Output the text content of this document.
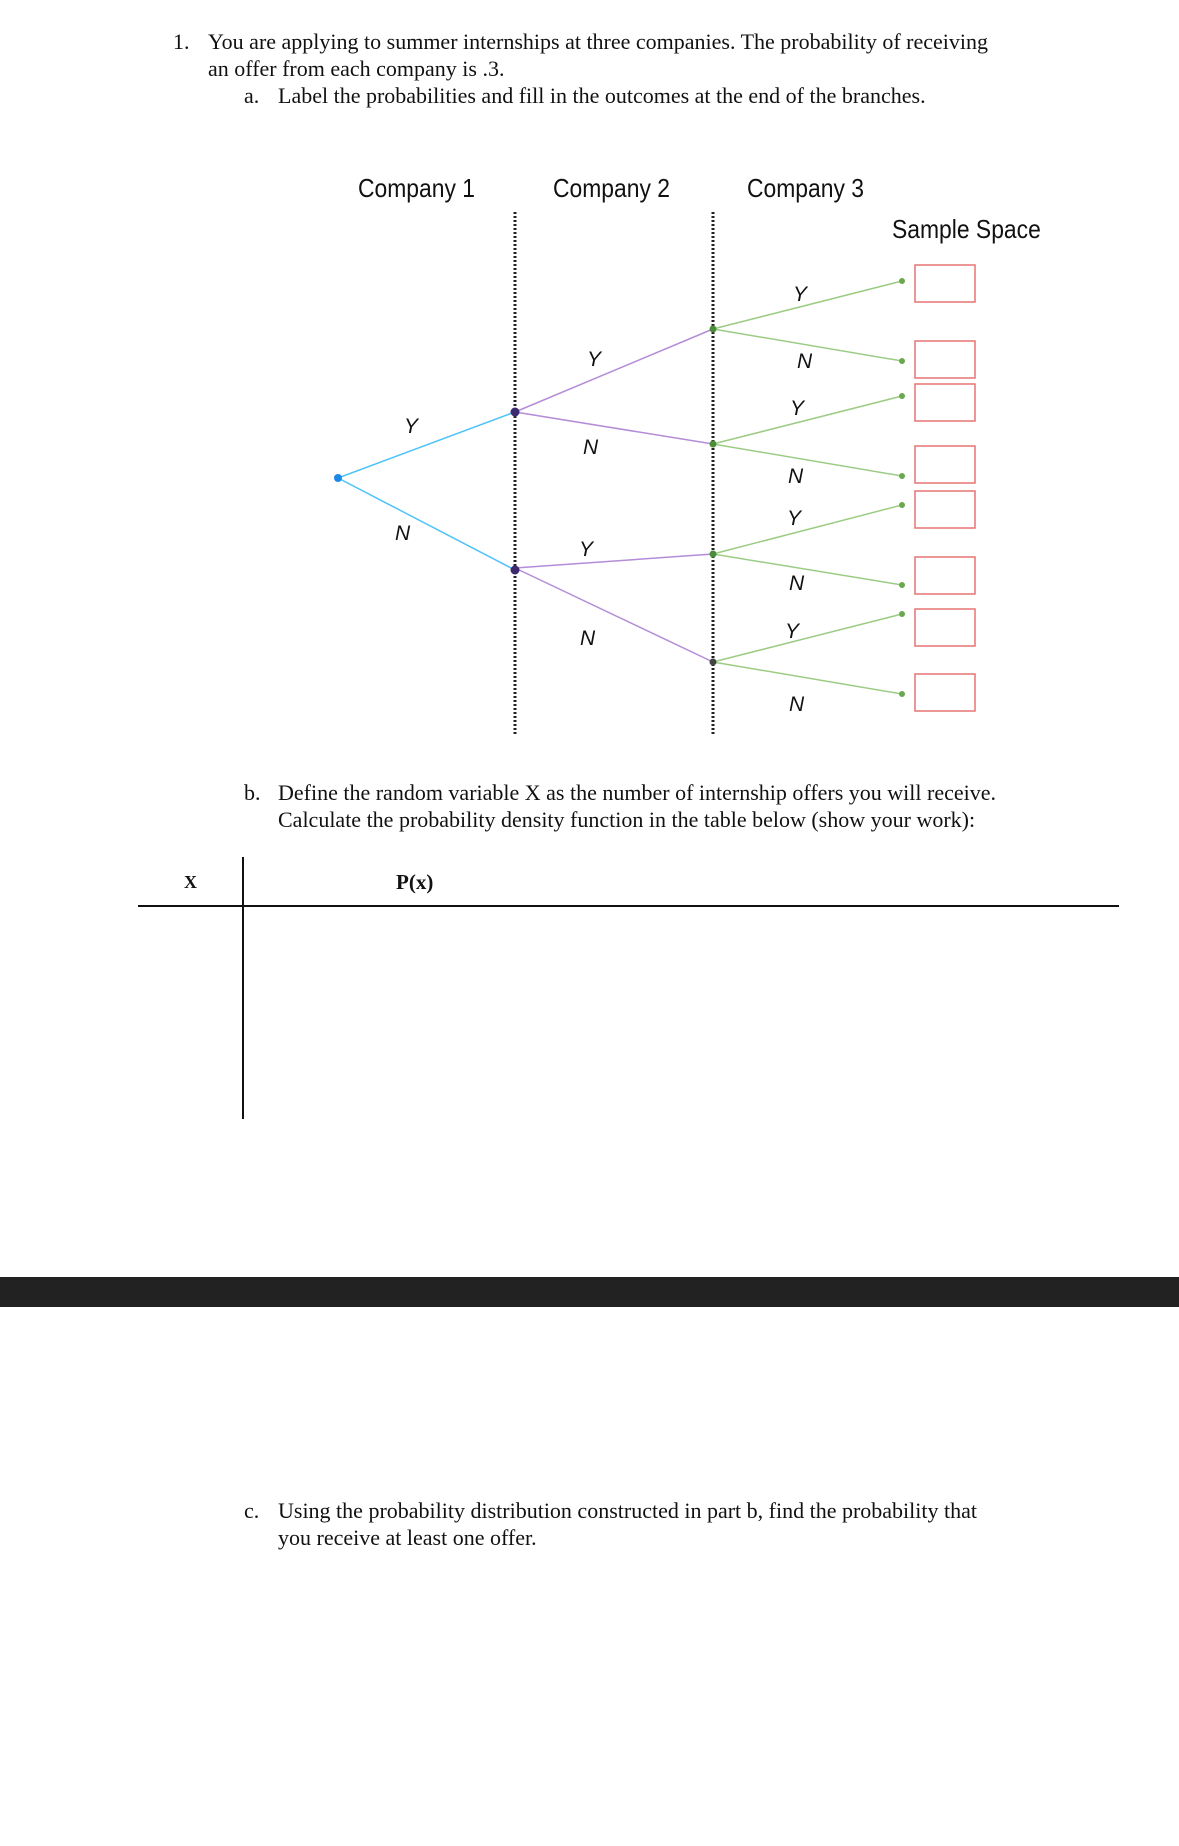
1. You are applying to summer internships at three companies. The probability of receiving
an offer from each company is .3.
a. Label the probabilities and fill in the outcomes at the end of the branches.
Company 1	Company 2	Company 3
Sample Space
Y
N
Y
N
Y
N
Y
N
Y
N
Y
N
Y
N
b. Define the random variable X as the number of internship offers you will receive.
Calculate the probability density function in the table below (show your work):
X	P(x)
c. Using the probability distribution constructed in part b, find the probability that
you receive at least one offer.
